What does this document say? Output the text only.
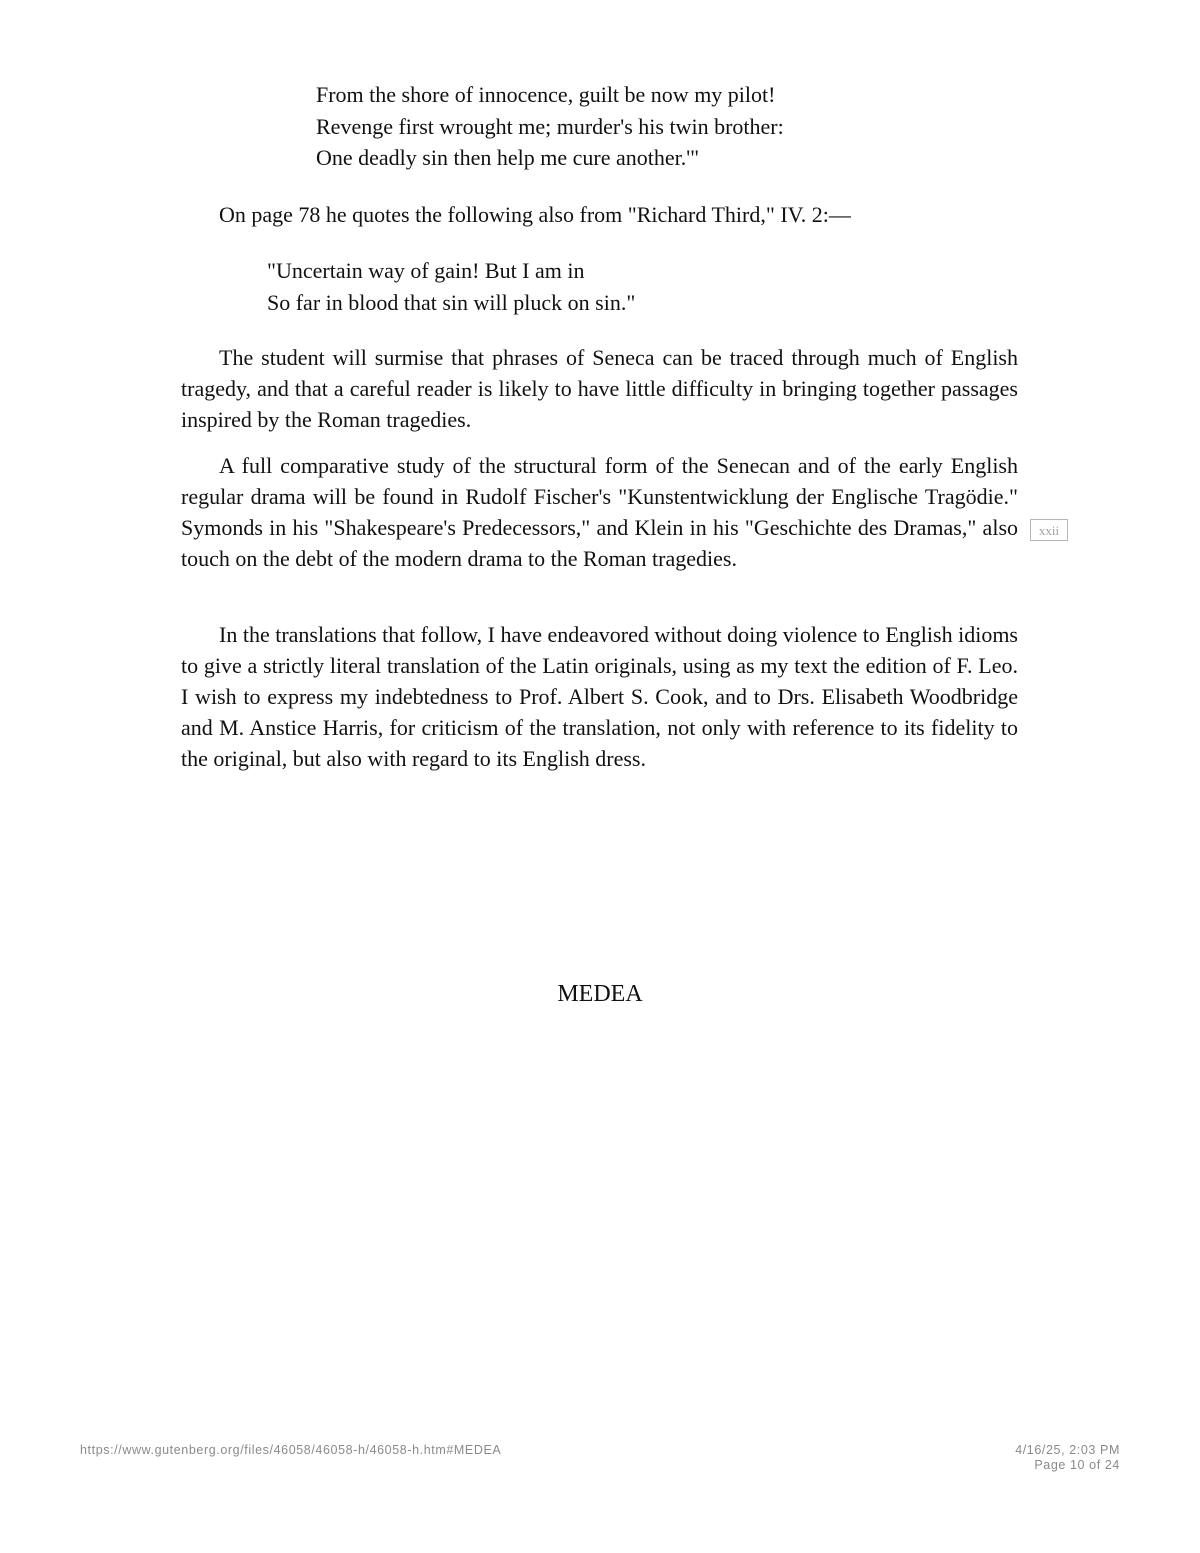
From the shore of innocence, guilt be now my pilot!
Revenge first wrought me; murder's his twin brother:
One deadly sin then help me cure another.'"

On page 78 he quotes the following also from "Richard Third," IV. 2:—

"Uncertain way of gain! But I am in
So far in blood that sin will pluck on sin."

The student will surmise that phrases of Seneca can be traced through much of English tragedy, and that a careful reader is likely to have little difficulty in bringing together passages inspired by the Roman tragedies.

A full comparative study of the structural form of the Senecan and of the early English regular drama will be found in Rudolf Fischer's "Kunstentwicklung der Englische Tragödie." Symonds in his "Shakespeare's Predecessors," and Klein in his "Geschichte des Dramas," also touch on the debt of the modern drama to the Roman tragedies.

xxii

In the translations that follow, I have endeavored without doing violence to English idioms to give a strictly literal translation of the Latin originals, using as my text the edition of F. Leo. I wish to express my indebtedness to Prof. Albert S. Cook, and to Drs. Elisabeth Woodbridge and M. Anstice Harris, for criticism of the translation, not only with reference to its fidelity to the original, but also with regard to its English dress.

MEDEA
https://www.gutenberg.org/files/46058/46058-h/46058-h.htm#MEDEA	4/16/25, 2:03 PM
Page 10 of 24
